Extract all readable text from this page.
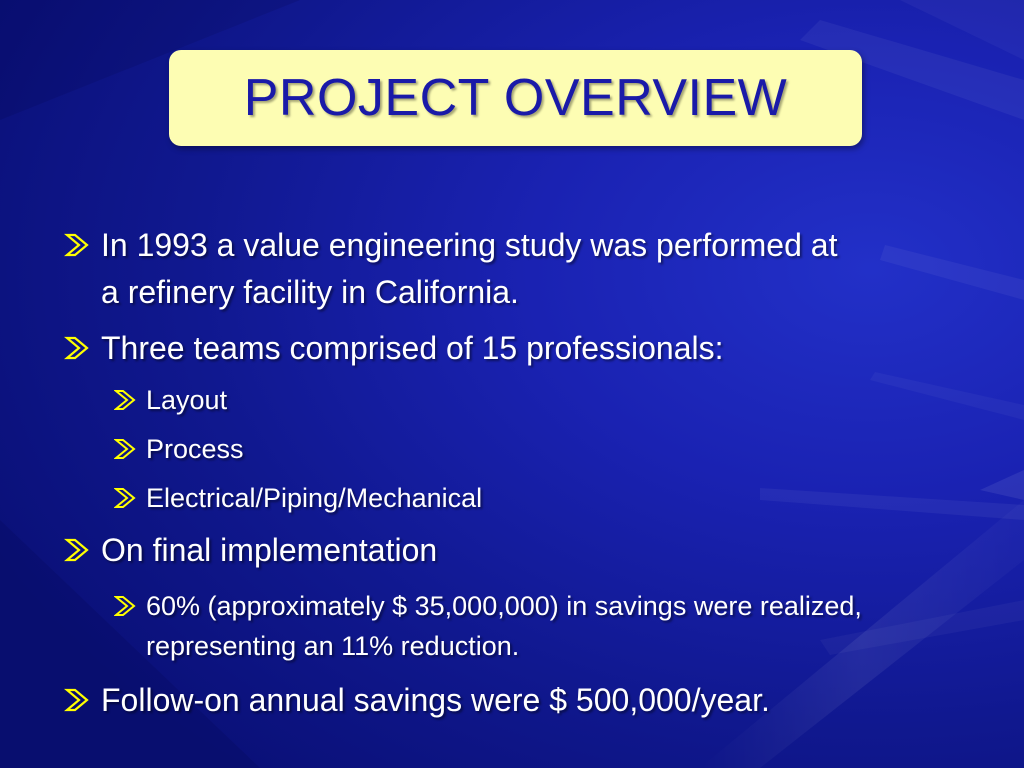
PROJECT OVERVIEW
In 1993 a value engineering study was performed at a refinery facility in California.
Three teams comprised of 15 professionals:
Layout
Process
Electrical/Piping/Mechanical
On final implementation
60% (approximately $ 35,000,000) in savings were realized, representing an 11% reduction.
Follow-on annual savings were $ 500,000/year.
